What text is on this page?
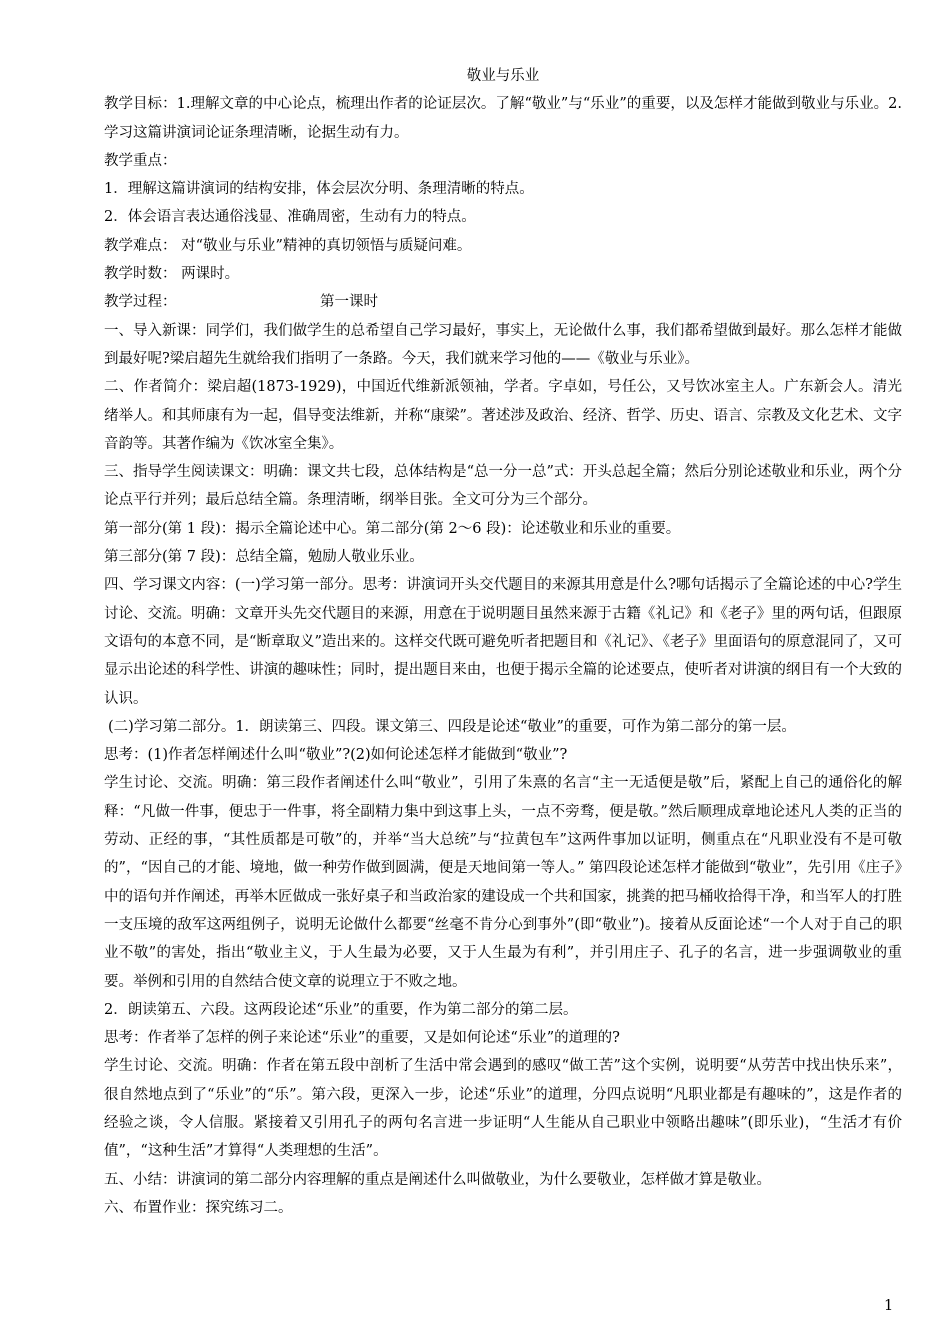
敬业与乐业

教学目标：1.理解文章的中心论点，梳理出作者的论证层次。了解“敬业”与“乐业”的重要，以及怎样才能做到敬业与乐业。2.学习这篇讲演词论证条理清晰，论据生动有力。

教学重点：

1．理解这篇讲演词的结构安排，体会层次分明、条理清晰的特点。

2．体会语言表达通俗浅显、准确周密，生动有力的特点。

教学难点： 对“敬业与乐业”精神的真切领悟与质疑问难。

教学时数： 两课时。

教学过程：	第一课时

一、导入新课：同学们，我们做学生的总希望自己学习最好，事实上，无论做什么事，我们都希望做到最好。那么怎样才能做到最好呢?梁启超先生就给我们指明了一条路。今天，我们就来学习他的——《敬业与乐业》。

二、作者简介：梁启超(1873-1929)，中国近代维新派领袖，学者。字卓如，号任公，又号饮冰室主人。广东新会人。清光绪举人。和其师康有为一起，倡导变法维新，并称“康梁”。著述涉及政治、经济、哲学、历史、语言、宗教及文化艺术、文字音韵等。其著作编为《饮冰室全集》。

三、指导学生阅读课文：明确：课文共七段，总体结构是“总一分一总”式：开头总起全篇；然后分别论述敬业和乐业，两个分论点平行并列；最后总结全篇。条理清晰，纲举目张。全文可分为三个部分。

第一部分(第 1 段)：揭示全篇论述中心。第二部分(第 2～6 段)：论述敬业和乐业的重要。

第三部分(第 7 段)：总结全篇，勉励人敬业乐业。

四、学习课文内容：(一)学习第一部分。思考：讲演词开头交代题目的来源其用意是什么?哪句话揭示了全篇论述的中心?学生讨论、交流。明确：文章开头先交代题目的来源，用意在于说明题目虽然来源于古籍《礼记》和《老子》里的两句话，但跟原文语句的本意不同，是“断章取义”造出来的。这样交代既可避免听者把题目和《礼记》、《老子》里面语句的原意混同了，又可显示出论述的科学性、讲演的趣味性；同时，提出题目来由，也便于揭示全篇的论述要点，使听者对讲演的纲目有一个大致的认识。

(二)学习第二部分。1．朗读第三、四段。课文第三、四段是论述“敬业”的重要，可作为第二部分的第一层。

思考：(1)作者怎样阐述什么叫“敬业”?(2)如何论述怎样才能做到“敬业”?

学生讨论、交流。明确：第三段作者阐述什么叫“敬业”，引用了朱熹的名言“主一无适便是敬”后，紧配上自己的通俗化的解释：“凡做一件事，便忠于一件事，将全副精力集中到这事上头，一点不旁骛，便是敬。”然后顺理成章地论述凡人类的正当的劳动、正经的事，“其性质都是可敬”的，并举“当大总统”与“拉黄包车”这两件事加以证明，侧重点在“凡职业没有不是可敬的”，“因自己的才能、境地，做一种劳作做到圆满，便是天地间第一等人。” 第四段论述怎样才能做到“敬业”，先引用《庄子》中的语句并作阐述，再举木匠做成一张好桌子和当政治家的建设成一个共和国家，挑粪的把马桶收拾得干净，和当军人的打胜一支压境的敌军这两组例子，说明无论做什么都要“丝毫不肯分心到事外”(即“敬业”)。接着从反面论述“一个人对于自己的职业不敬”的害处，指出“敬业主义，于人生最为必要，又于人生最为有利”，并引用庄子、孔子的名言，进一步强调敬业的重要。举例和引用的自然结合使文章的说理立于不败之地。

2．朗读第五、六段。这两段论述“乐业”的重要，作为第二部分的第二层。

思考：作者举了怎样的例子来论述“乐业”的重要，又是如何论述“乐业”的道理的?

学生讨论、交流。明确：作者在第五段中剖析了生活中常会遇到的感叹“做工苦”这个实例，说明要“从劳苦中找出快乐来”，很自然地点到了“乐业”的“乐”。第六段，更深入一步，论述“乐业”的道理，分四点说明“凡职业都是有趣味的”，这是作者的经验之谈，令人信服。紧接着又引用孔子的两句名言进一步证明“人生能从自己职业中领略出趣味”(即乐业)，“生活才有价值”，“这种生活”才算得“人类理想的生活”。

五、小结：讲演词的第二部分内容理解的重点是阐述什么叫做敬业，为什么要敬业，怎样做才算是敬业。

六、布置作业：探究练习二。

1
